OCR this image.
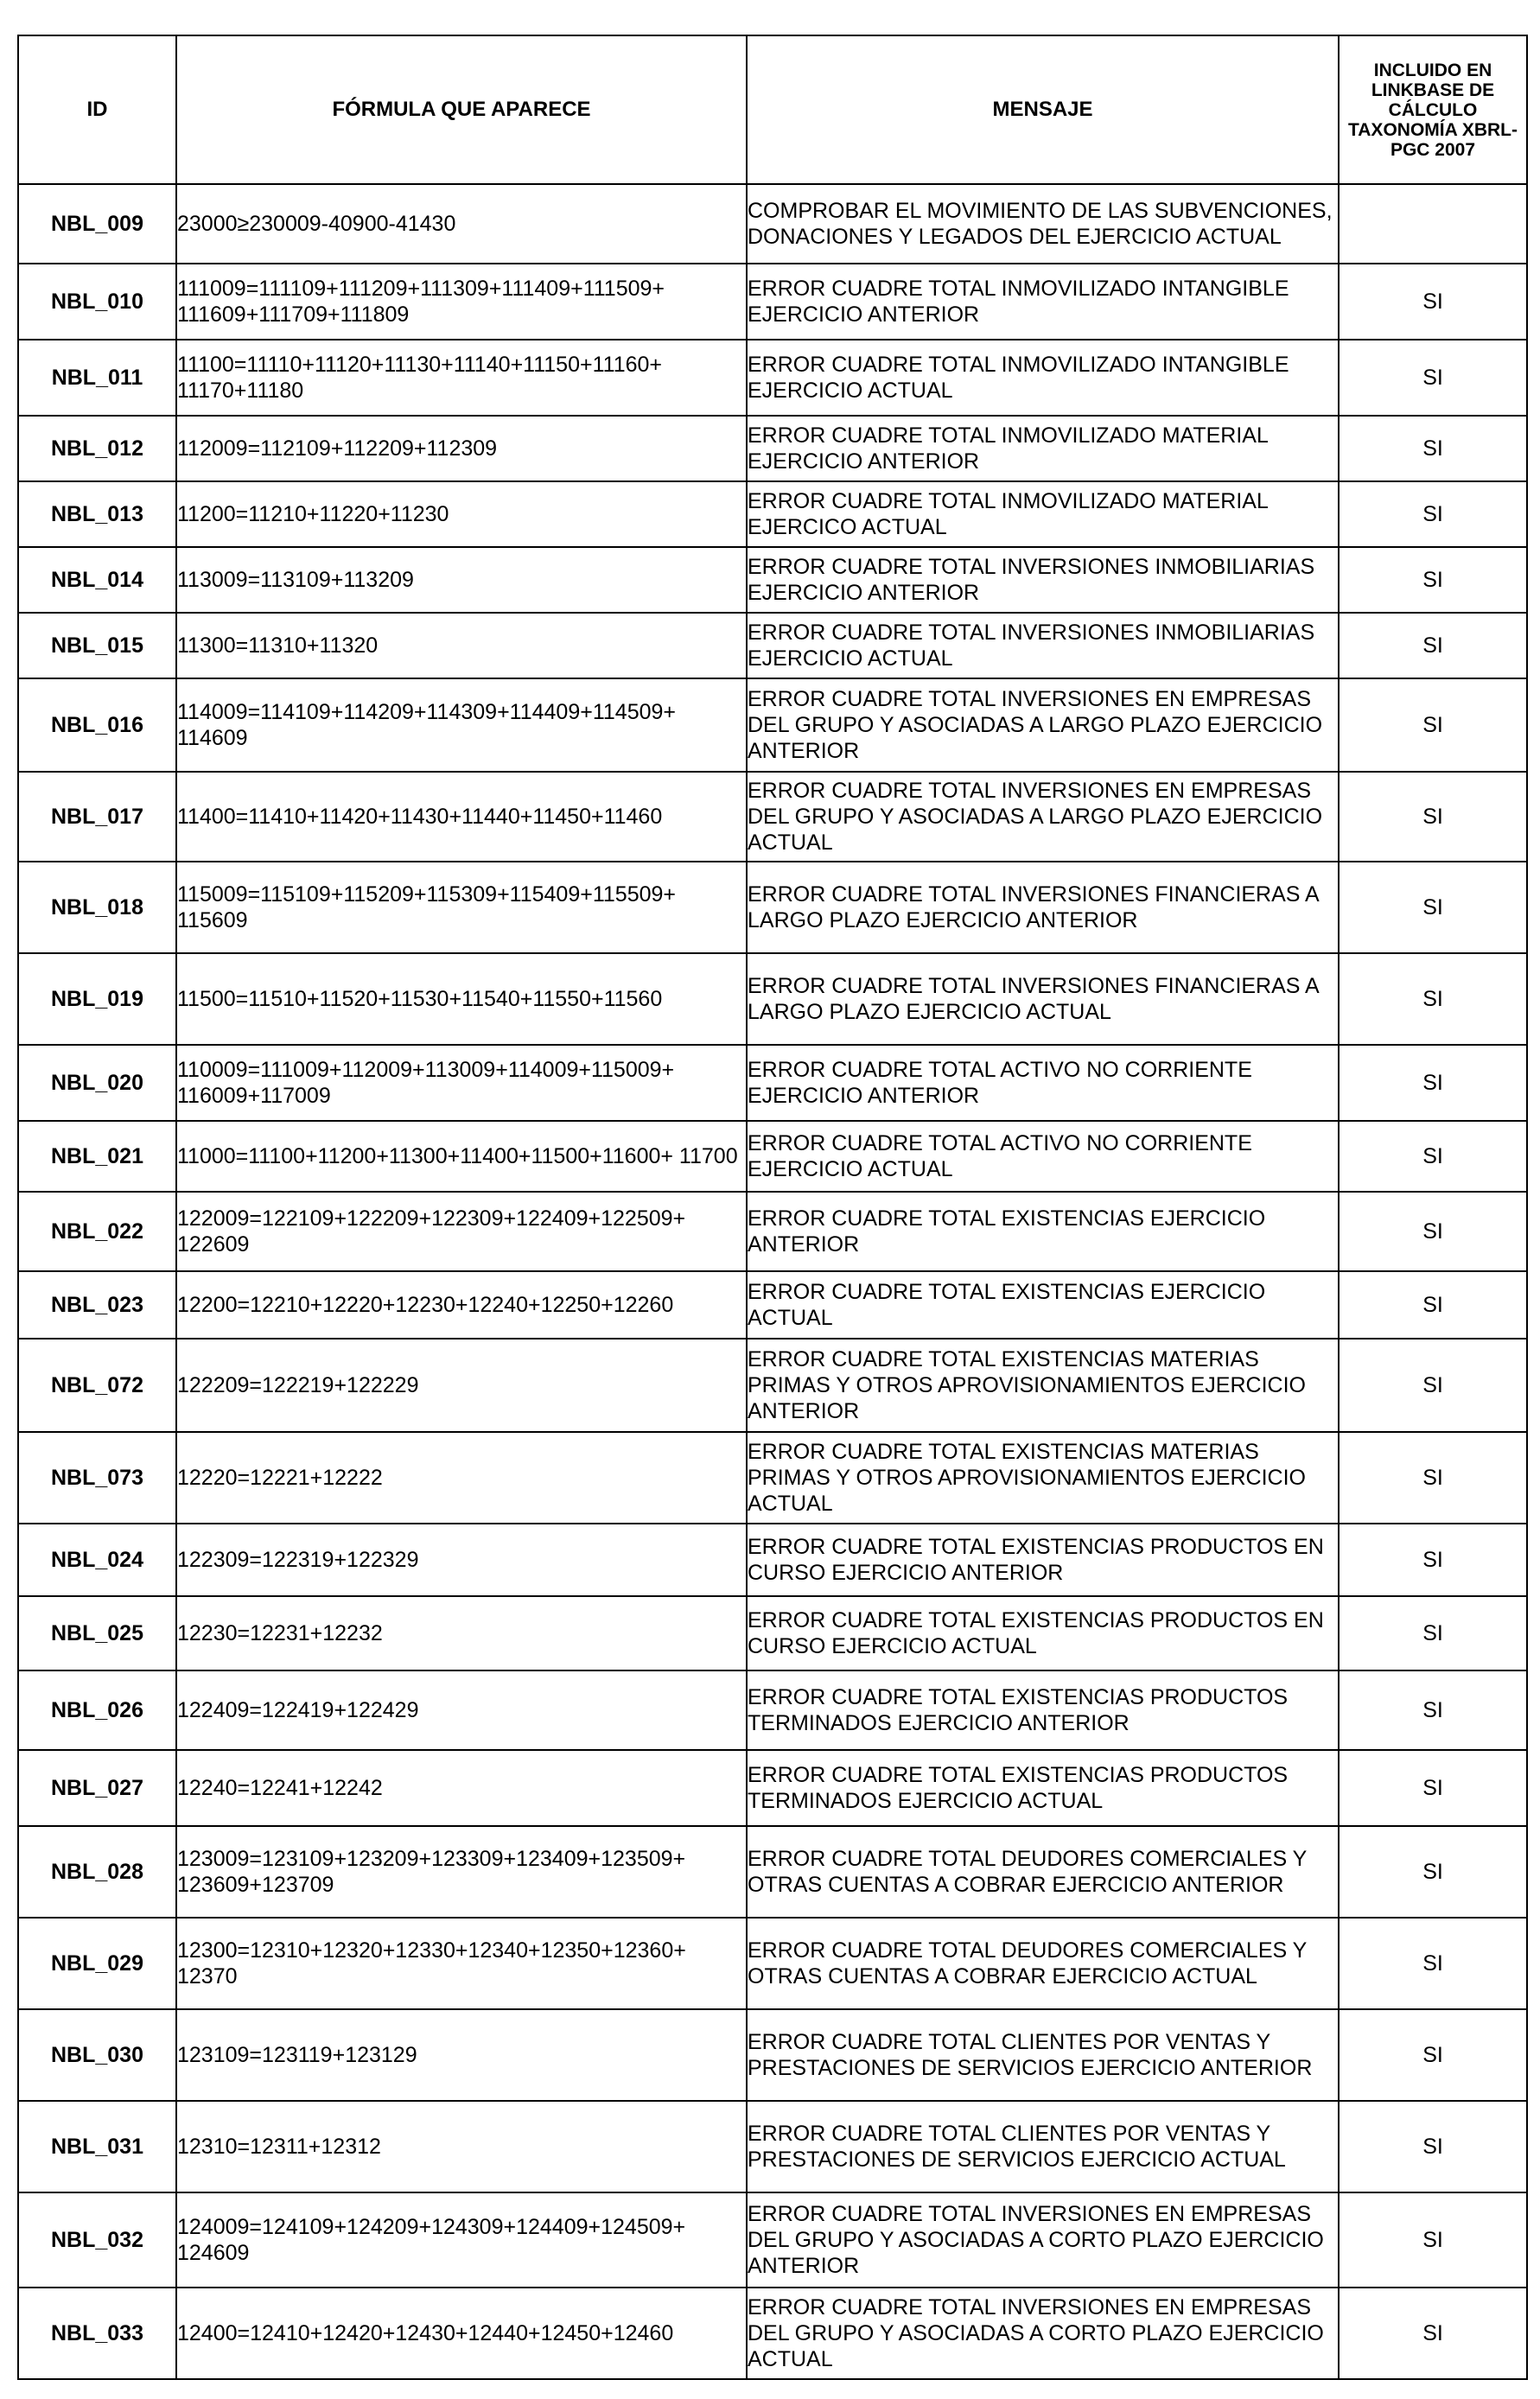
ID	FÓRMULA QUE APARECE	MENSAJE	INCLUIDO EN LINKBASE DE CÁLCULO TAXONOMÍA XBRL-PGC 2007
NBL_009	23000≥230009-40900-41430	COMPROBAR EL MOVIMIENTO DE LAS SUBVENCIONES, DONACIONES Y LEGADOS DEL EJERCICIO ACTUAL	
NBL_010	111009=111109+111209+111309+111409+111509+ 111609+111709+111809	ERROR CUADRE TOTAL INMOVILIZADO INTANGIBLE EJERCICIO ANTERIOR	SI
NBL_011	11100=11110+11120+11130+11140+11150+11160+ 11170+11180	ERROR CUADRE TOTAL INMOVILIZADO INTANGIBLE EJERCICIO ACTUAL	SI
NBL_012	112009=112109+112209+112309	ERROR CUADRE TOTAL INMOVILIZADO MATERIAL EJERCICIO ANTERIOR	SI
NBL_013	11200=11210+11220+11230	ERROR CUADRE TOTAL INMOVILIZADO MATERIAL EJERCICO ACTUAL	SI
NBL_014	113009=113109+113209	ERROR CUADRE TOTAL INVERSIONES INMOBILIARIAS EJERCICIO ANTERIOR	SI
NBL_015	11300=11310+11320	ERROR CUADRE TOTAL INVERSIONES INMOBILIARIAS EJERCICIO ACTUAL	SI
NBL_016	114009=114109+114209+114309+114409+114509+ 114609	ERROR CUADRE TOTAL INVERSIONES EN EMPRESAS DEL GRUPO Y ASOCIADAS A LARGO PLAZO EJERCICIO ANTERIOR	SI
NBL_017	11400=11410+11420+11430+11440+11450+11460	ERROR CUADRE TOTAL INVERSIONES EN EMPRESAS DEL GRUPO Y ASOCIADAS A LARGO PLAZO EJERCICIO ACTUAL	SI
NBL_018	115009=115109+115209+115309+115409+115509+ 115609	ERROR CUADRE TOTAL INVERSIONES FINANCIERAS A LARGO PLAZO EJERCICIO ANTERIOR	SI
NBL_019	11500=11510+11520+11530+11540+11550+11560	ERROR CUADRE TOTAL INVERSIONES FINANCIERAS A LARGO PLAZO EJERCICIO ACTUAL	SI
NBL_020	110009=111009+112009+113009+114009+115009+ 116009+117009	ERROR CUADRE TOTAL ACTIVO NO CORRIENTE EJERCICIO ANTERIOR	SI
NBL_021	11000=11100+11200+11300+11400+11500+11600+ 11700	ERROR CUADRE TOTAL ACTIVO NO CORRIENTE EJERCICIO ACTUAL	SI
NBL_022	122009=122109+122209+122309+122409+122509+ 122609	ERROR CUADRE TOTAL EXISTENCIAS EJERCICIO ANTERIOR	SI
NBL_023	12200=12210+12220+12230+12240+12250+12260	ERROR CUADRE TOTAL EXISTENCIAS EJERCICIO ACTUAL	SI
NBL_072	122209=122219+122229	ERROR CUADRE TOTAL EXISTENCIAS MATERIAS PRIMAS Y OTROS APROVISIONAMIENTOS EJERCICIO ANTERIOR	SI
NBL_073	12220=12221+12222	ERROR CUADRE TOTAL EXISTENCIAS MATERIAS PRIMAS Y OTROS APROVISIONAMIENTOS EJERCICIO ACTUAL	SI
NBL_024	122309=122319+122329	ERROR CUADRE TOTAL EXISTENCIAS PRODUCTOS EN CURSO EJERCICIO ANTERIOR	SI
NBL_025	12230=12231+12232	ERROR CUADRE TOTAL EXISTENCIAS PRODUCTOS EN CURSO EJERCICIO ACTUAL	SI
NBL_026	122409=122419+122429	ERROR CUADRE TOTAL EXISTENCIAS PRODUCTOS TERMINADOS EJERCICIO ANTERIOR	SI
NBL_027	12240=12241+12242	ERROR CUADRE TOTAL EXISTENCIAS PRODUCTOS TERMINADOS EJERCICIO ACTUAL	SI
NBL_028	123009=123109+123209+123309+123409+123509+ 123609+123709	ERROR CUADRE TOTAL DEUDORES COMERCIALES Y OTRAS CUENTAS A COBRAR EJERCICIO ANTERIOR	SI
NBL_029	12300=12310+12320+12330+12340+12350+12360+ 12370	ERROR CUADRE TOTAL DEUDORES COMERCIALES Y OTRAS CUENTAS A COBRAR EJERCICIO ACTUAL	SI
NBL_030	123109=123119+123129	ERROR CUADRE TOTAL CLIENTES POR VENTAS Y PRESTACIONES DE SERVICIOS EJERCICIO ANTERIOR	SI
NBL_031	12310=12311+12312	ERROR CUADRE TOTAL CLIENTES POR VENTAS Y PRESTACIONES DE SERVICIOS EJERCICIO ACTUAL	SI
NBL_032	124009=124109+124209+124309+124409+124509+ 124609	ERROR CUADRE TOTAL INVERSIONES EN EMPRESAS DEL GRUPO Y ASOCIADAS A CORTO PLAZO EJERCICIO ANTERIOR	SI
NBL_033	12400=12410+12420+12430+12440+12450+12460	ERROR CUADRE TOTAL INVERSIONES EN EMPRESAS DEL GRUPO Y ASOCIADAS A CORTO PLAZO EJERCICIO ACTUAL	SI
